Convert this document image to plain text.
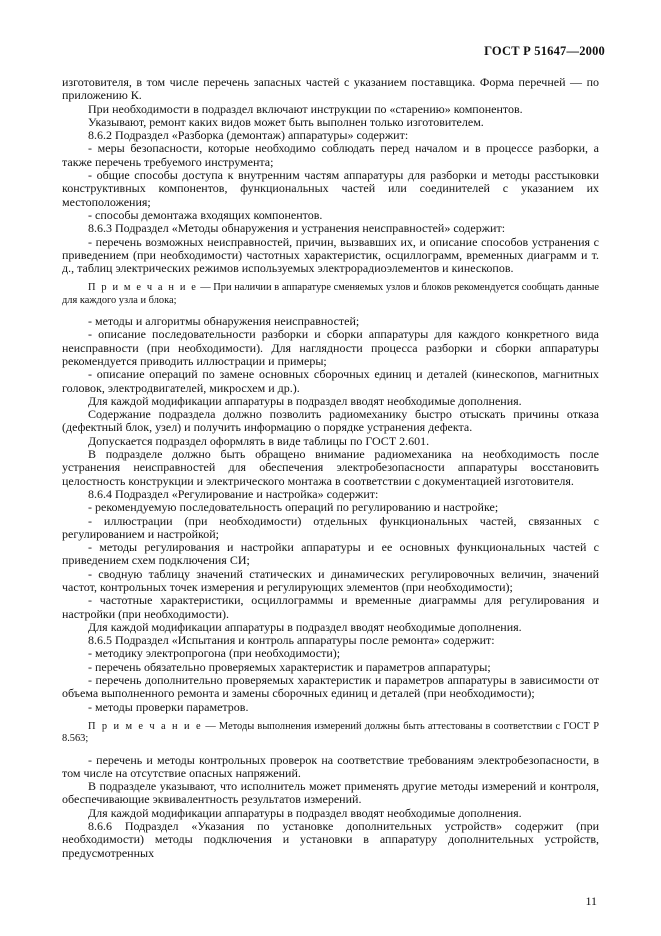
ГОСТ Р 51647—2000

изготовителя, в том числе перечень запасных частей с указанием поставщика. Форма перечней — по приложению К.

При необходимости в подраздел включают инструкции по «старению» компонентов.

Указывают, ремонт каких видов может быть выполнен только изготовителем.

8.6.2 Подраздел «Разборка (демонтаж) аппаратуры» содержит:

- меры безопасности, которые необходимо соблюдать перед началом и в процессе разборки, а также перечень требуемого инструмента;

- общие способы доступа к внутренним частям аппаратуры для разборки и методы расстыковки конструктивных компонентов, функциональных частей или соединителей с указанием их местоположения;

- способы демонтажа входящих компонентов.

8.6.3 Подраздел «Методы обнаружения и устранения неисправностей» содержит:

- перечень возможных неисправностей, причин, вызвавших их, и описание способов устранения с приведением (при необходимости) частотных характеристик, осциллограмм, временных диаграмм и т. д., таблиц электрических режимов используемых электрорадиоэлементов и кинескопов.

П р и м е ч а н и е — При наличии в аппаратуре сменяемых узлов и блоков рекомендуется сообщать данные для каждого узла и блока;

- методы и алгоритмы обнаружения неисправностей;

- описание последовательности разборки и сборки аппаратуры для каждого конкретного вида неисправности (при необходимости). Для наглядности процесса разборки и сборки аппаратуры рекомендуется приводить иллюстрации и примеры;

- описание операций по замене основных сборочных единиц и деталей (кинескопов, магнитных головок, электродвигателей, микросхем и др.).

Для каждой модификации аппаратуры в подраздел вводят необходимые дополнения.

Содержание подраздела должно позволить радиомеханику быстро отыскать причины отказа (дефектный блок, узел) и получить информацию о порядке устранения дефекта.

Допускается подраздел оформлять в виде таблицы по ГОСТ 2.601.

В подразделе должно быть обращено внимание радиомеханика на необходимость после устранения неисправностей для обеспечения электробезопасности аппаратуры восстановить целостность конструкции и электрического монтажа в соответствии с документацией изготовителя.

8.6.4 Подраздел «Регулирование и настройка» содержит:

- рекомендуемую последовательность операций по регулированию и настройке;

- иллюстрации (при необходимости) отдельных функциональных частей, связанных с регулированием и настройкой;

- методы регулирования и настройки аппаратуры и ее основных функциональных частей с приведением схем подключения СИ;

- сводную таблицу значений статических и динамических регулировочных величин, значений частот, контрольных точек измерения и регулирующих элементов (при необходимости);

- частотные характеристики, осциллограммы и временные диаграммы для регулирования и настройки (при необходимости).

Для каждой модификации аппаратуры в подраздел вводят необходимые дополнения.

8.6.5 Подраздел «Испытания и контроль аппаратуры после ремонта» содержит:

- методику электропрогона (при необходимости);

- перечень обязательно проверяемых характеристик и параметров аппаратуры;

- перечень дополнительно проверяемых характеристик и параметров аппаратуры в зависимости от объема выполненного ремонта и замены сборочных единиц и деталей (при необходимости);

- методы проверки параметров.

П р и м е ч а н и е — Методы выполнения измерений должны быть аттестованы в соответствии с ГОСТ Р 8.563;

- перечень и методы контрольных проверок на соответствие требованиям электробезопасности, в том числе на отсутствие опасных напряжений.

В подразделе указывают, что исполнитель может применять другие методы измерений и контроля, обеспечивающие эквивалентность результатов измерений.

Для каждой модификации аппаратуры в подраздел вводят необходимые дополнения.

8.6.6 Подраздел «Указания по установке дополнительных устройств» содержит (при необходимости) методы подключения и установки в аппаратуру дополнительных устройств, предусмотренных

11
